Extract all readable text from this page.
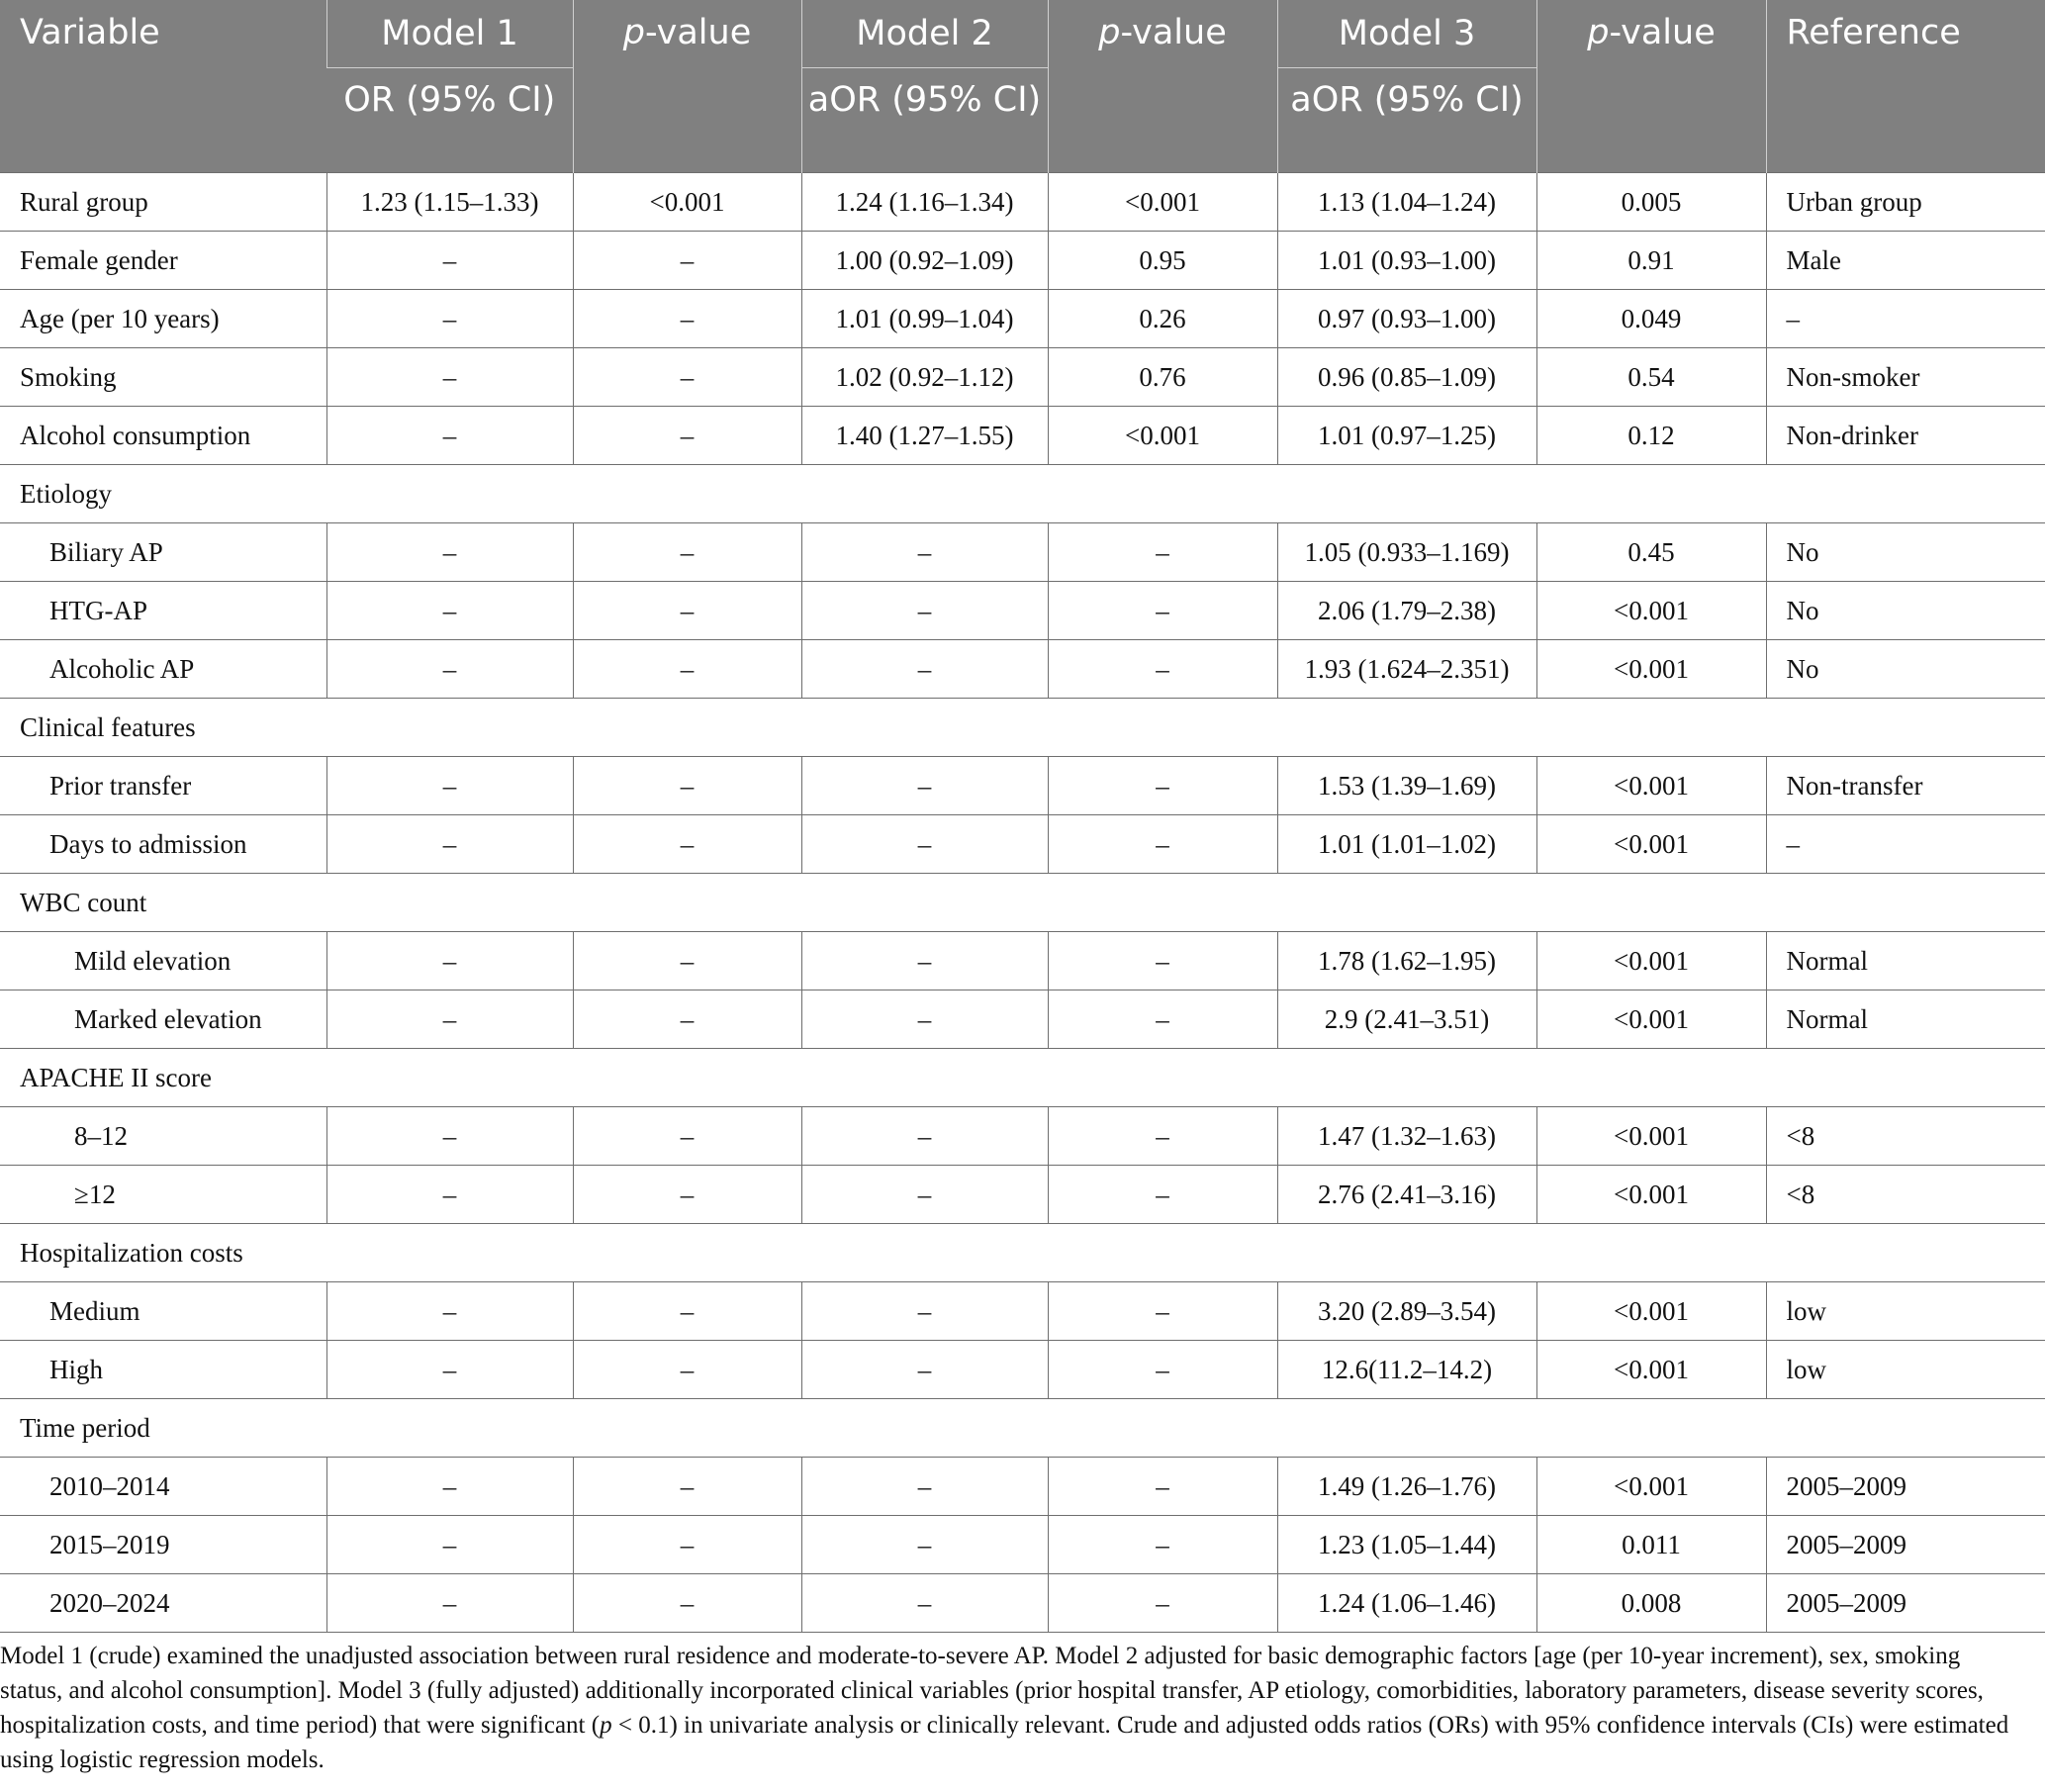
Variable	Model 1	p-value	Model 2	p-value	Model 3	p-value	Reference
	OR (95% CI)		aOR (95% CI)		aOR (95% CI)		
Rural group	1.23 (1.15–1.33)	<0.001	1.24 (1.16–1.34)	<0.001	1.13 (1.04–1.24)	0.005	Urban group
Female gender	–	–	1.00 (0.92–1.09)	0.95	1.01 (0.93–1.00)	0.91	Male
Age (per 10 years)	–	–	1.01 (0.99–1.04)	0.26	0.97 (0.93–1.00)	0.049	–
Smoking	–	–	1.02 (0.92–1.12)	0.76	0.96 (0.85–1.09)	0.54	Non-smoker
Alcohol consumption	–	–	1.40 (1.27–1.55)	<0.001	1.01 (0.97–1.25)	0.12	Non-drinker
Etiology							
Biliary AP	–	–	–	–	1.05 (0.933–1.169)	0.45	No
HTG-AP	–	–	–	–	2.06 (1.79–2.38)	<0.001	No
Alcoholic AP	–	–	–	–	1.93 (1.624–2.351)	<0.001	No
Clinical features							
Prior transfer	–	–	–	–	1.53 (1.39–1.69)	<0.001	Non-transfer
Days to admission	–	–	–	–	1.01 (1.01–1.02)	<0.001	–
WBC count							
Mild elevation	–	–	–	–	1.78 (1.62–1.95)	<0.001	Normal
Marked elevation	–	–	–	–	2.9 (2.41–3.51)	<0.001	Normal
APACHE II score							
8–12	–	–	–	–	1.47 (1.32–1.63)	<0.001	<8
≥12	–	–	–	–	2.76 (2.41–3.16)	<0.001	<8
Hospitalization costs							
Medium	–	–	–	–	3.20 (2.89–3.54)	<0.001	low
High	–	–	–	–	12.6(11.2–14.2)	<0.001	low
Time period							
2010–2014	–	–	–	–	1.49 (1.26–1.76)	<0.001	2005–2009
2015–2019	–	–	–	–	1.23 (1.05–1.44)	0.011	2005–2009
2020–2024	–	–	–	–	1.24 (1.06–1.46)	0.008	2005–2009

Model 1 (crude) examined the unadjusted association between rural residence and moderate-to-severe AP. Model 2 adjusted for basic demographic factors [age (per 10-year increment), sex, smoking status, and alcohol consumption]. Model 3 (fully adjusted) additionally incorporated clinical variables (prior hospital transfer, AP etiology, comorbidities, laboratory parameters, disease severity scores, hospitalization costs, and time period) that were significant (p < 0.1) in univariate analysis or clinically relevant. Crude and adjusted odds ratios (ORs) with 95% confidence intervals (CIs) were estimated using logistic regression models.
